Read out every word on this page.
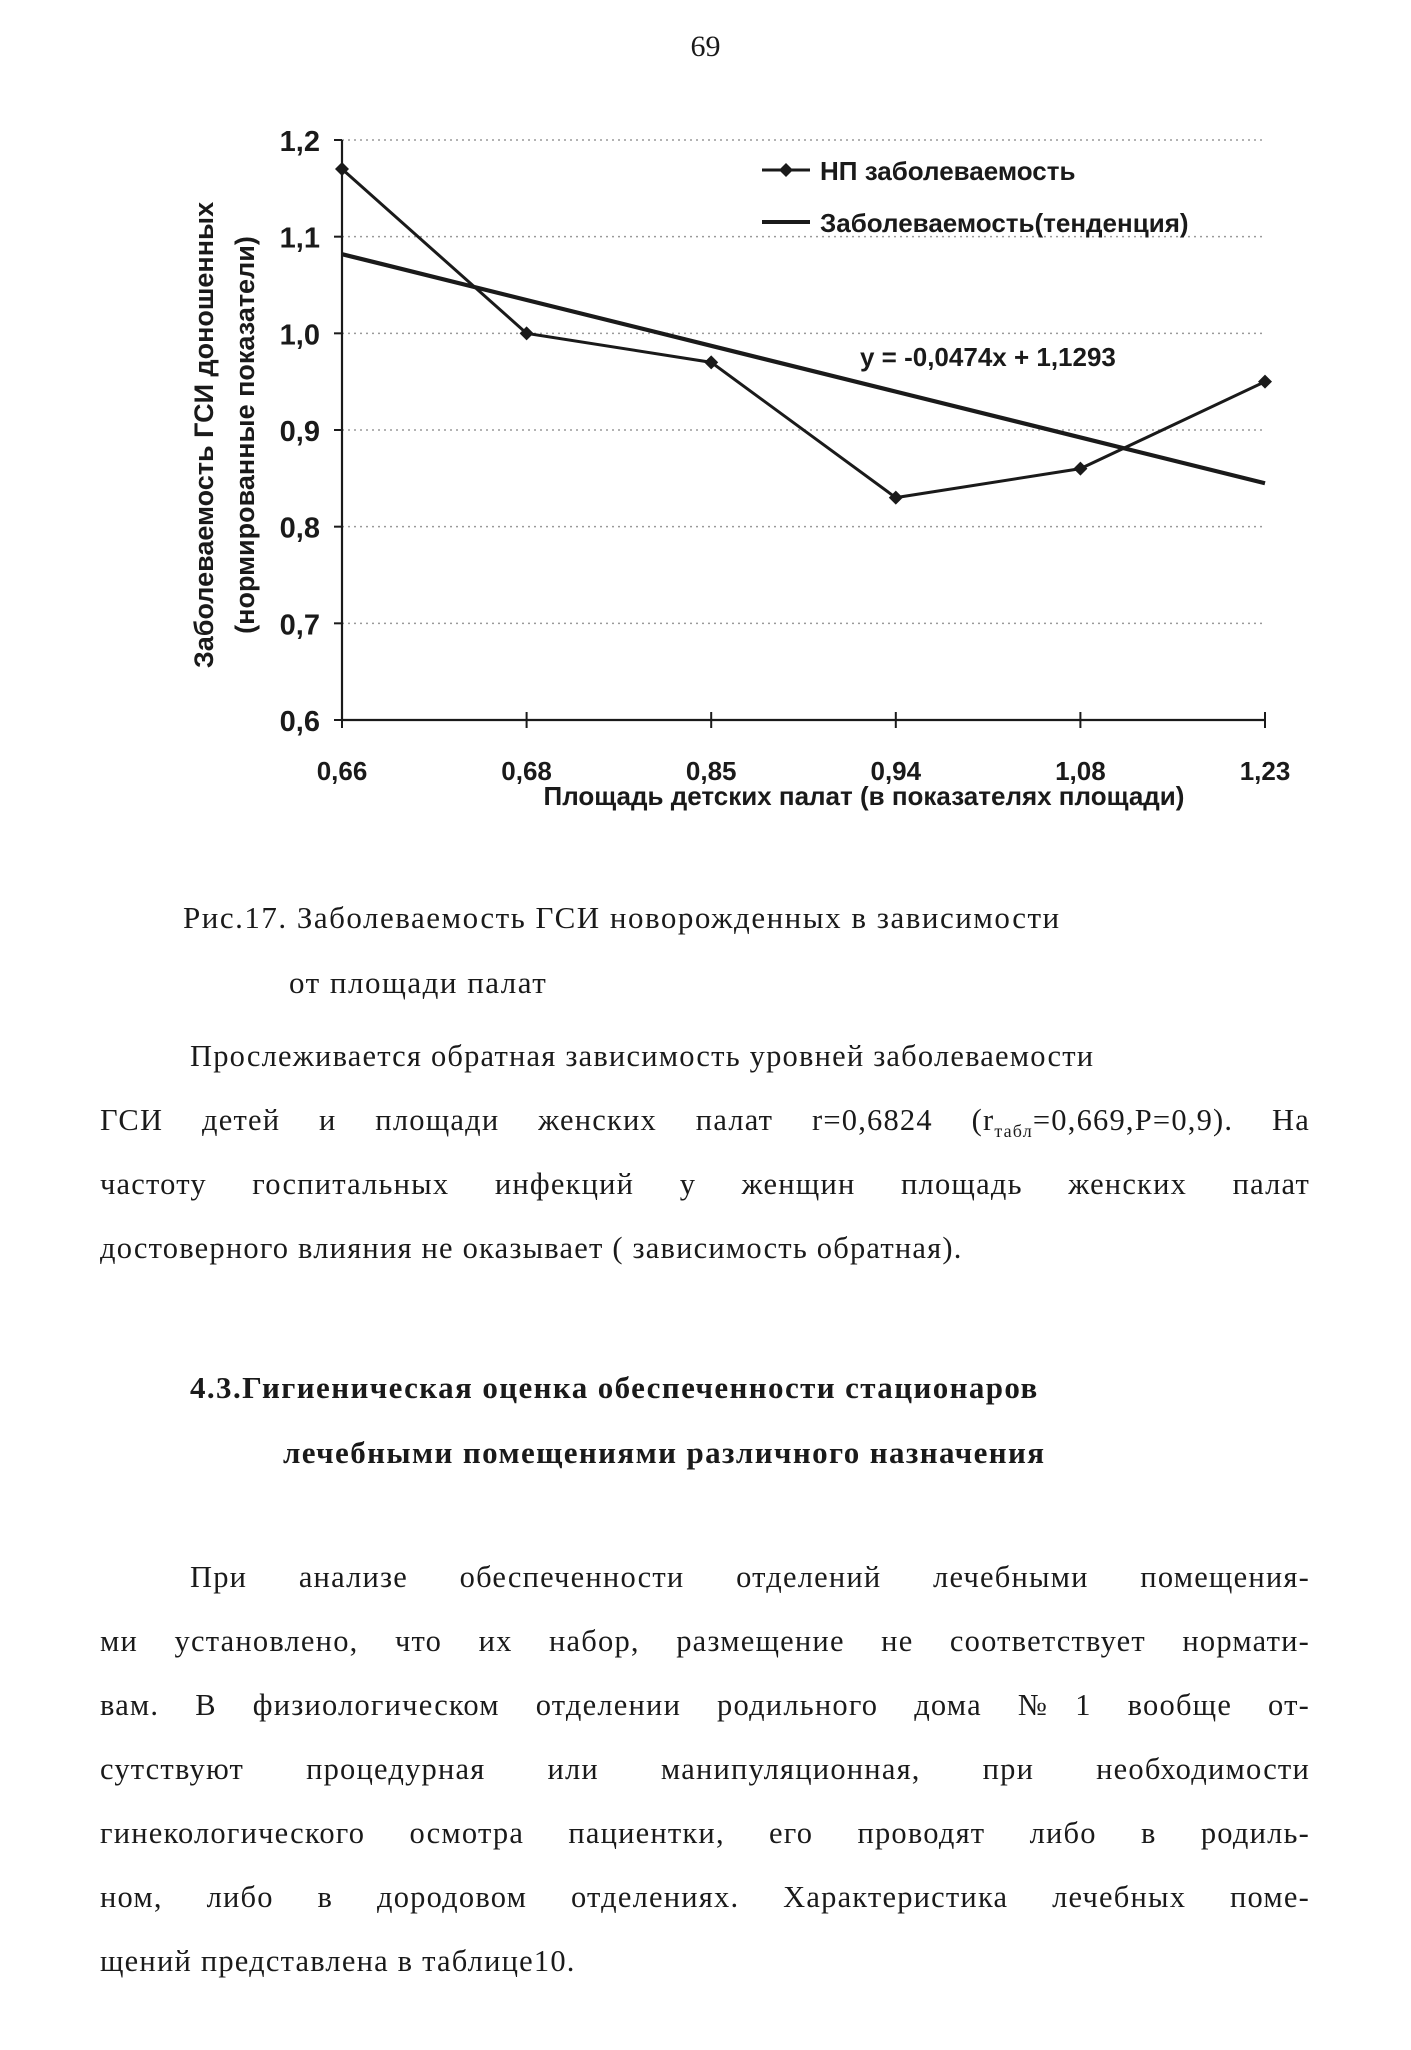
69
0,6
0,7
0,8
0,9
1,0
1,1
1,2
0,66	0,68	0,85	0,94	1,08	1,23
y = -0,0474x + 1,1293
Площадь детских палат (в показателях площади)
Заболеваемость ГСИ доношенных (нормированные показатели)
НП заболеваемость
Заболеваемость(тенденция)
Рис.17. Заболеваемость ГСИ новорожденных в зависимости
от площади палат
Прослеживается обратная зависимость уровней заболеваемости
ГСИ детей и площади женских палат r=0,6824 $(r_{табл}=0,669,P=0,9)$. На
частоту госпитальных инфекций у женщин площадь женских палат
достоверного влияния не оказывает ( зависимость обратная).
4.3.Гигиеническая оценка обеспеченности стационаров
лечебными помещениями различного назначения
При анализе обеспеченности отделений лечебными помещения-
ми установлено, что их набор, размещение не соответствует нормати-
вам. В физиологическом отделении родильного дома №1 вообще от-
сутствуют процедурная или манипуляционная, при необходимости
гинекологического осмотра пациентки, его проводят либо в родиль-
ном, либо в дородовом отделениях. Характеристика лечебных поме-
щений представлена в таблице10.
